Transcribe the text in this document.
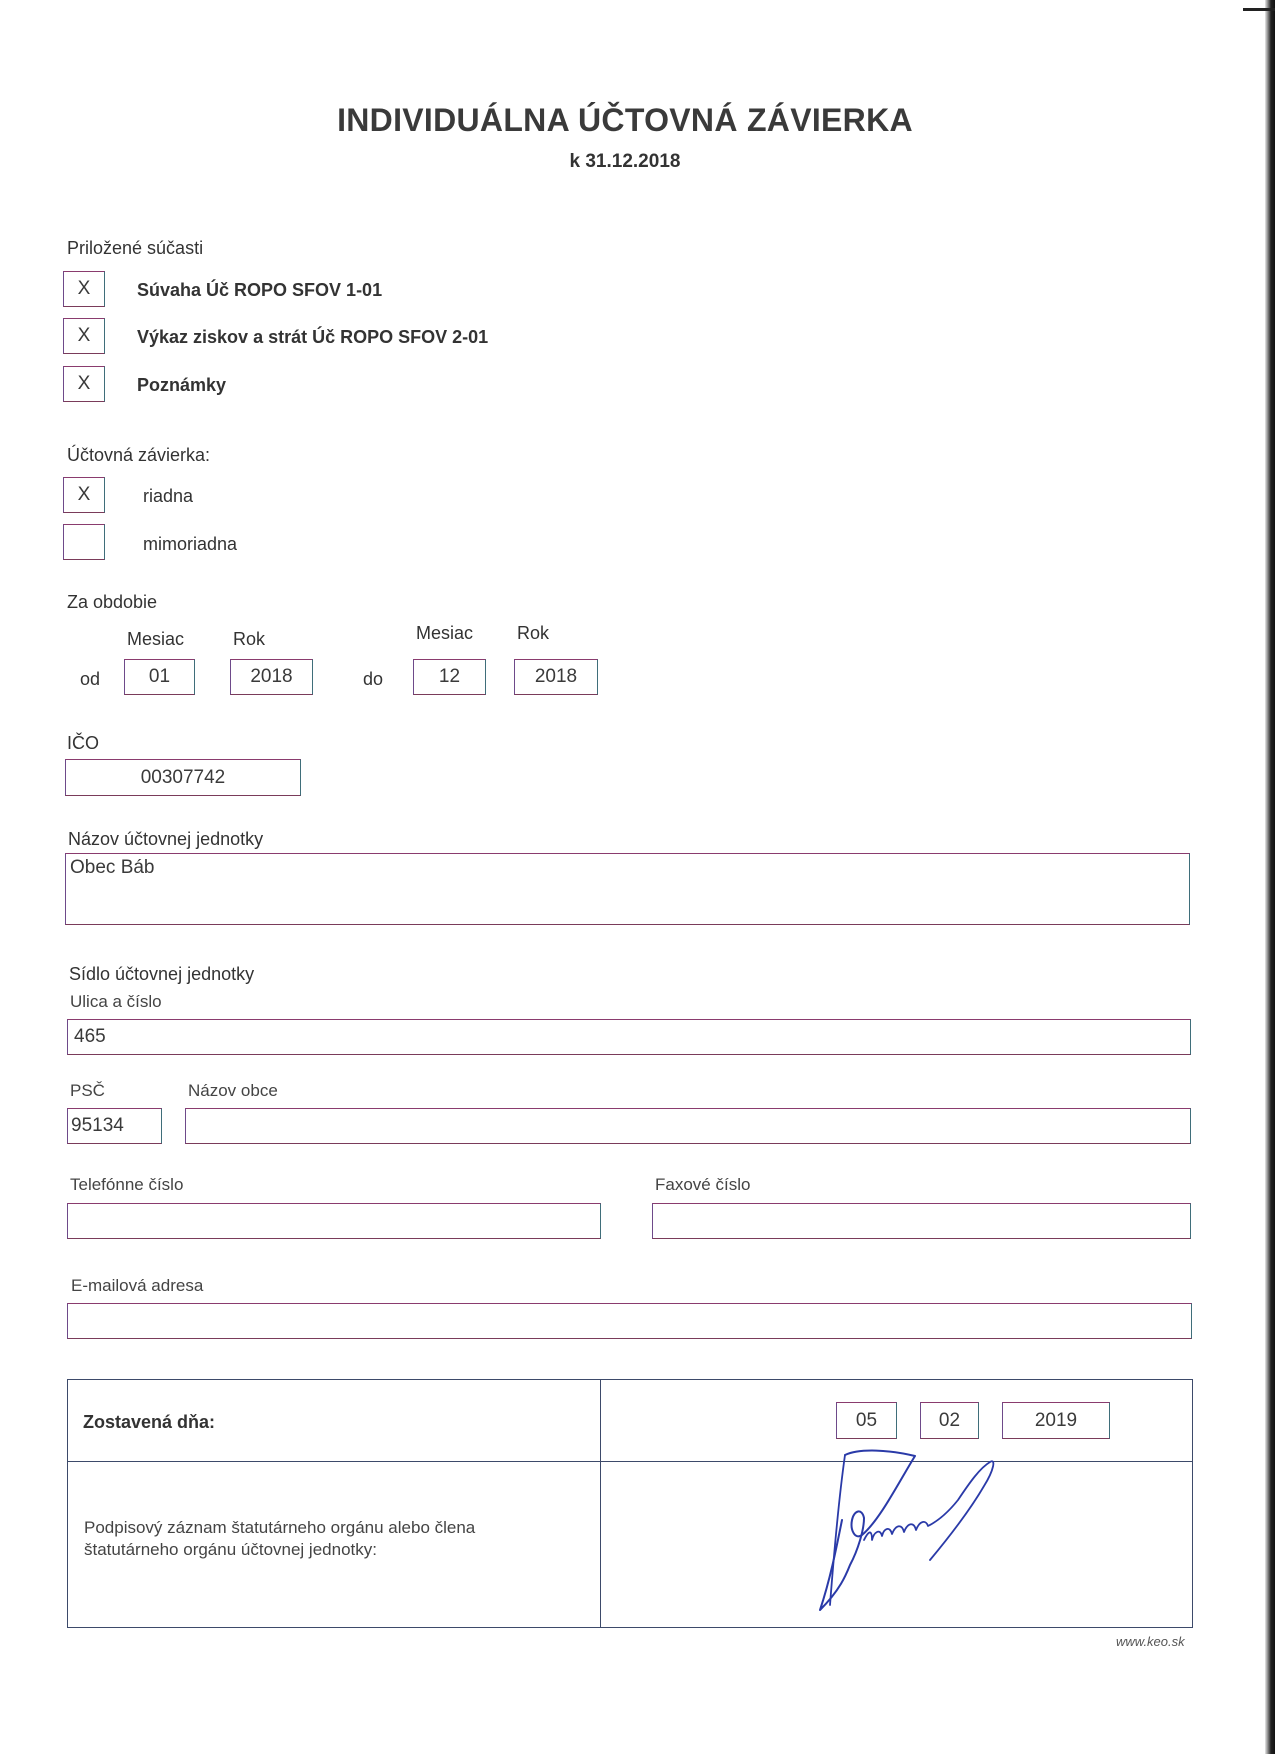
INDIVIDUÁLNA ÚČTOVNÁ ZÁVIERKA
k 31.12.2018
Priložené súčasti
X	Súvaha Úč ROPO SFOV 1-01
X	Výkaz ziskov a strát Úč ROPO SFOV 2-01
X	Poznámky
Účtovná závierka:
X	riadna
mimoriadna
Za obdobie
Mesiac	Rok	Mesiac Rok
od	01	2018	do	12	2018
IČO
00307742
Názov účtovnej jednotky
Obec Báb
Sídlo účtovnej jednotky
Ulica a číslo
465
PSČ	Názov obce
95134
Telefónne číslo	Faxové číslo
E-mailová adresa
Zostavená dňa:	05	02	2019
Podpisový záznam štatutárneho orgánu alebo člena
štatutárneho orgánu účtovnej jednotky:
www.keo.sk
